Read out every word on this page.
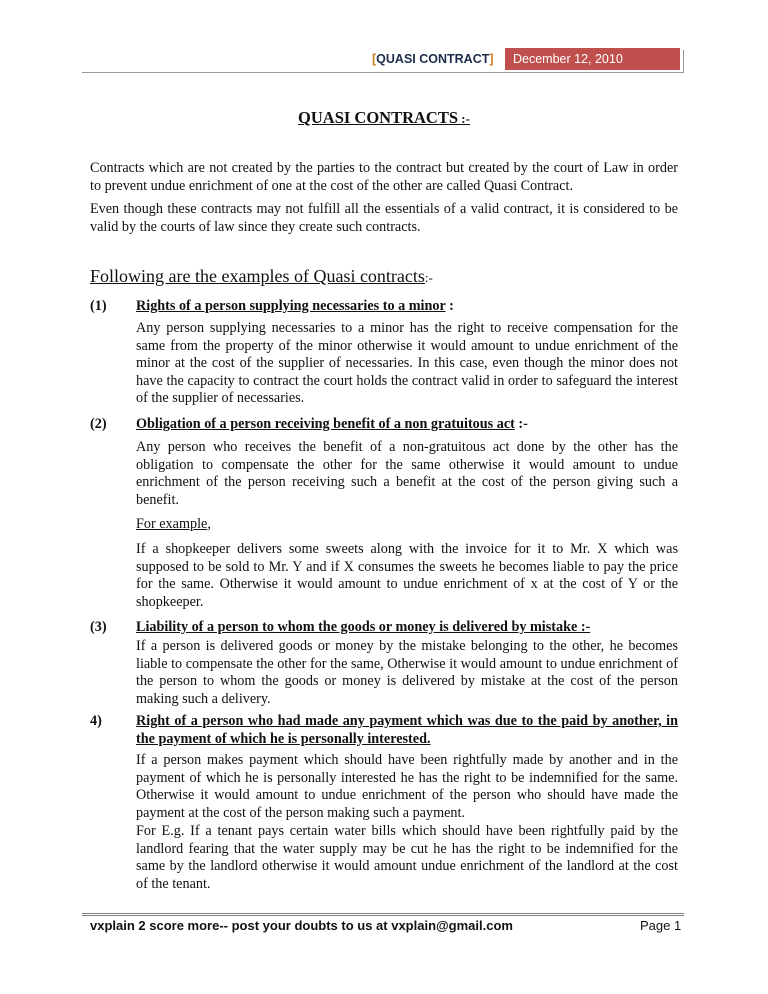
[QUASI CONTRACT]	December 12, 2010
QUASI CONTRACTS :-

Contracts which are not created by the parties to the contract but created by the court of Law in order to prevent undue enrichment of one at the cost of the other are called Quasi Contract.

Even though these contracts may not fulfill all the essentials of a valid contract, it is considered to be valid by the courts of law since they create such contracts.

Following are the examples of Quasi contracts:-
(1) Rights of a person supplying necessaries to a minor :

Any person supplying necessaries to a minor has the right to receive compensation for the same from the property of the minor otherwise it would amount to undue enrichment of the minor at the cost of the supplier of necessaries. In this case, even though the minor does not have the capacity to contract the court holds the contract valid in order to safeguard the interest of the supplier of necessaries.

(2) Obligation of a person receiving benefit of a non gratuitous act :-

Any person who receives the benefit of a non-gratuitous act done by the other has the obligation to compensate the other for the same otherwise it would amount to undue enrichment of the person receiving such a benefit at the cost of the person giving such a benefit.

For example,

If a shopkeeper delivers some sweets along with the invoice for it to Mr. X which was supposed to be sold to Mr. Y and if X consumes the sweets he becomes liable to pay the price for the same. Otherwise it would amount to undue enrichment of x at the cost of Y or the shopkeeper.

(3) Liability of a person to whom the goods or money is delivered by mistake :-

If a person is delivered goods or money by the mistake belonging to the other, he becomes liable to compensate the other for the same, Otherwise it would amount to undue enrichment of the person to whom the goods or money is delivered by mistake at the cost of the person making such a delivery.

4) Right of a person who had made any payment which was due to the paid by another, in the payment of which he is personally interested.

If a person makes payment which should have been rightfully made by another and in the payment of which he is personally interested he has the right to be indemnified for the same. Otherwise it would amount to undue enrichment of the person who should have made the payment at the cost of the person making such a payment.

For E.g. If a tenant pays certain water bills which should have been rightfully paid by the landlord fearing that the water supply may be cut he has the right to be indemnified for the same by the landlord otherwise it would amount undue enrichment of the landlord at the cost of the tenant.

vxplain 2 score more-- post your doubts to us at vxplain@gmail.com	Page 1
